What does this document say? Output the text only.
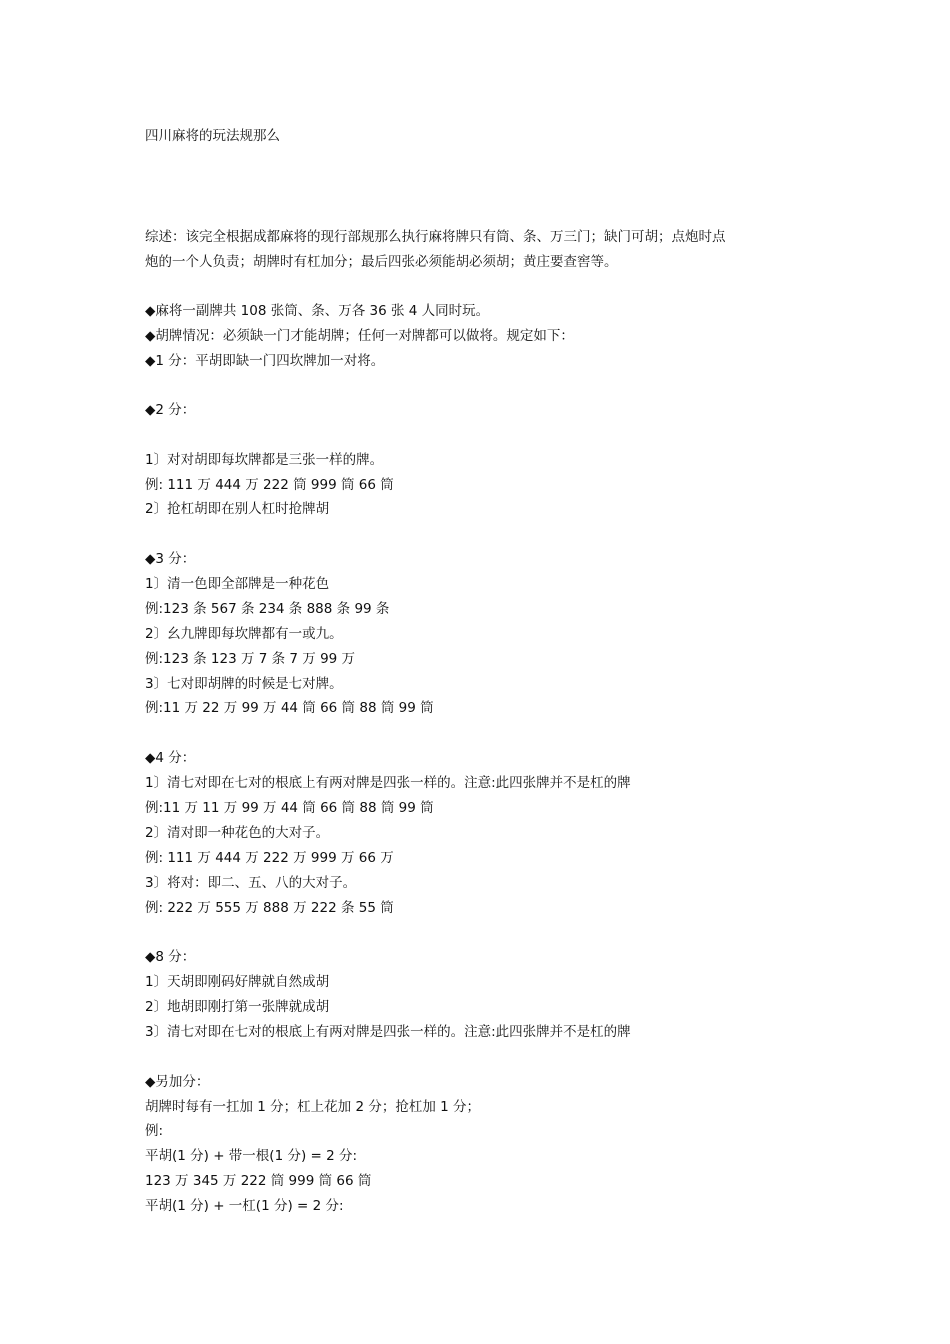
四川麻将的玩法规那么
综述：该完全根据成都麻将的现行部规那么执行麻将牌只有筒、条、万三门；缺门可胡；点炮时点
炮的一个人负责；胡牌时有杠加分；最后四张必须能胡必须胡；黄庄要查窖等。
◆麻将一副牌共 108 张筒、条、万各 36 张 4 人同时玩。
◆胡牌情况：必须缺一门才能胡牌；任何一对牌都可以做将。规定如下：
◆1 分：平胡即缺一门四坎牌加一对将。
◆2 分：
1〕对对胡即每坎牌都是三张一样的牌。
例: 111 万 444 万 222 筒 999 筒 66 筒
2〕抢杠胡即在别人杠时抢牌胡
◆3 分：
1〕清一色即全部牌是一种花色
例:123 条 567 条 234 条 888 条 99 条
2〕幺九牌即每坎牌都有一或九。
例:123 条 123 万 7 条 7 万 99 万
3〕七对即胡牌的时候是七对牌。
例:11 万 22 万 99 万 44 筒 66 筒 88 筒 99 筒
◆4 分：
1〕清七对即在七对的根底上有两对牌是四张一样的。注意:此四张牌并不是杠的牌
例:11 万 11 万 99 万 44 筒 66 筒 88 筒 99 筒
2〕清对即一种花色的大对子。
例: 111 万 444 万 222 万 999 万 66 万
3〕将对：即二、五、八的大对子。
例: 222 万 555 万 888 万 222 条 55 筒
◆8 分：
1〕天胡即刚码好牌就自然成胡
2〕地胡即刚打第一张牌就成胡
3〕清七对即在七对的根底上有两对牌是四张一样的。注意:此四张牌并不是杠的牌
◆另加分：
胡牌时每有一扛加 1 分；杠上花加 2 分；抢杠加 1 分；
例:
平胡(1 分) + 带一根(1 分) = 2 分:
123 万 345 万 222 筒 999 筒 66 筒
平胡(1 分) + 一杠(1 分) = 2 分:
